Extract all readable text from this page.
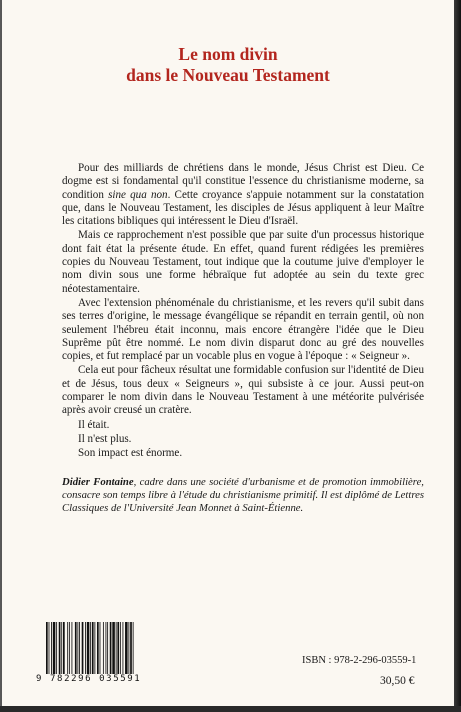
Le nom divin
dans le Nouveau Testament

Pour des milliards de chrétiens dans le monde, Jésus Christ est Dieu. Ce dogme est si fondamental qu'il constitue l'essence du christianisme moderne, sa condition sine qua non. Cette croyance s'appuie notamment sur la constatation que, dans le Nouveau Testament, les disciples de Jésus appliquent à leur Maître les citations bibliques qui intéressent le Dieu d'Israël.

Mais ce rapprochement n'est possible que par suite d'un processus historique dont fait état la présente étude. En effet, quand furent rédigées les premières copies du Nouveau Testament, tout indique que la coutume juive d'employer le nom divin sous une forme hébraïque fut adoptée au sein du texte grec néotestamentaire.

Avec l'extension phénoménale du christianisme, et les revers qu'il subit dans ses terres d'origine, le message évangélique se répandit en terrain gentil, où non seulement l'hébreu était inconnu, mais encore étrangère l'idée que le Dieu Suprême pût être nommé. Le nom divin disparut donc au gré des nouvelles copies, et fut remplacé par un vocable plus en vogue à l'époque : « Seigneur ».

Cela eut pour fâcheux résultat une formidable confusion sur l'identité de Dieu et de Jésus, tous deux « Seigneurs », qui subsiste à ce jour. Aussi peut-on comparer le nom divin dans le Nouveau Testament à une météorite pulvérisée après avoir creusé un cratère.

Il était.

Il n'est plus.

Son impact est énorme.

Didier Fontaine, cadre dans une société d'urbanisme et de promotion immobilière, consacre son temps libre à l'étude du christianisme primitif. Il est diplômé de Lettres Classiques de l'Université Jean Monnet à Saint-Étienne.
9 782296 035591
ISBN : 978-2-296-03559-1
30,50 €
